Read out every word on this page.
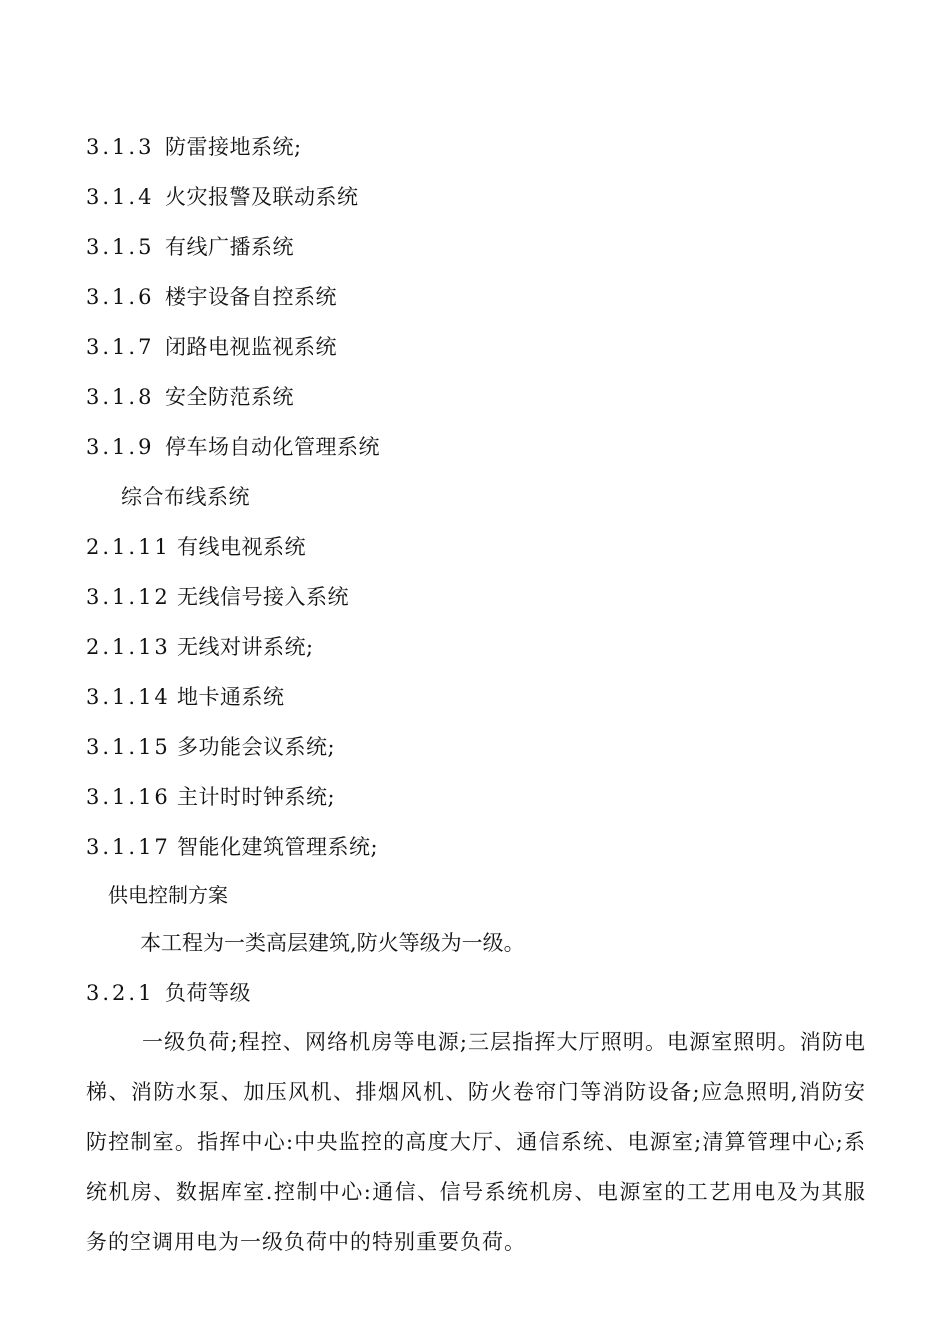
3.1.3 防雷接地系统;
3.1.4 火灾报警及联动系统
3.1.5 有线广播系统
3.1.6 楼宇设备自控系统
3.1.7 闭路电视监视系统
3.1.8 安全防范系统
3.1.9 停车场自动化管理系统
综合布线系统
2.1.11 有线电视系统
3.1.12 无线信号接入系统
2.1.13 无线对讲系统;
3.1.14 地卡通系统
3.1.15 多功能会议系统;
3.1.16 主计时时钟系统;
3.1.17 智能化建筑管理系统;
供电控制方案
本工程为一类高层建筑,防火等级为一级。
3.2.1 负荷等级
一级负荷;程控、网络机房等电源;三层指挥大厅照明。电源室照明。消防电梯、消防水泵、加压风机、排烟风机、防火卷帘门等消防设备;应急照明,消防安防控制室。指挥中心:中央监控的高度大厅、通信系统、电源室;清算管理中心;系统机房、数据库室.控制中心:通信、信号系统机房、电源室的工艺用电及为其服务的空调用电为一级负荷中的特别重要负荷。
